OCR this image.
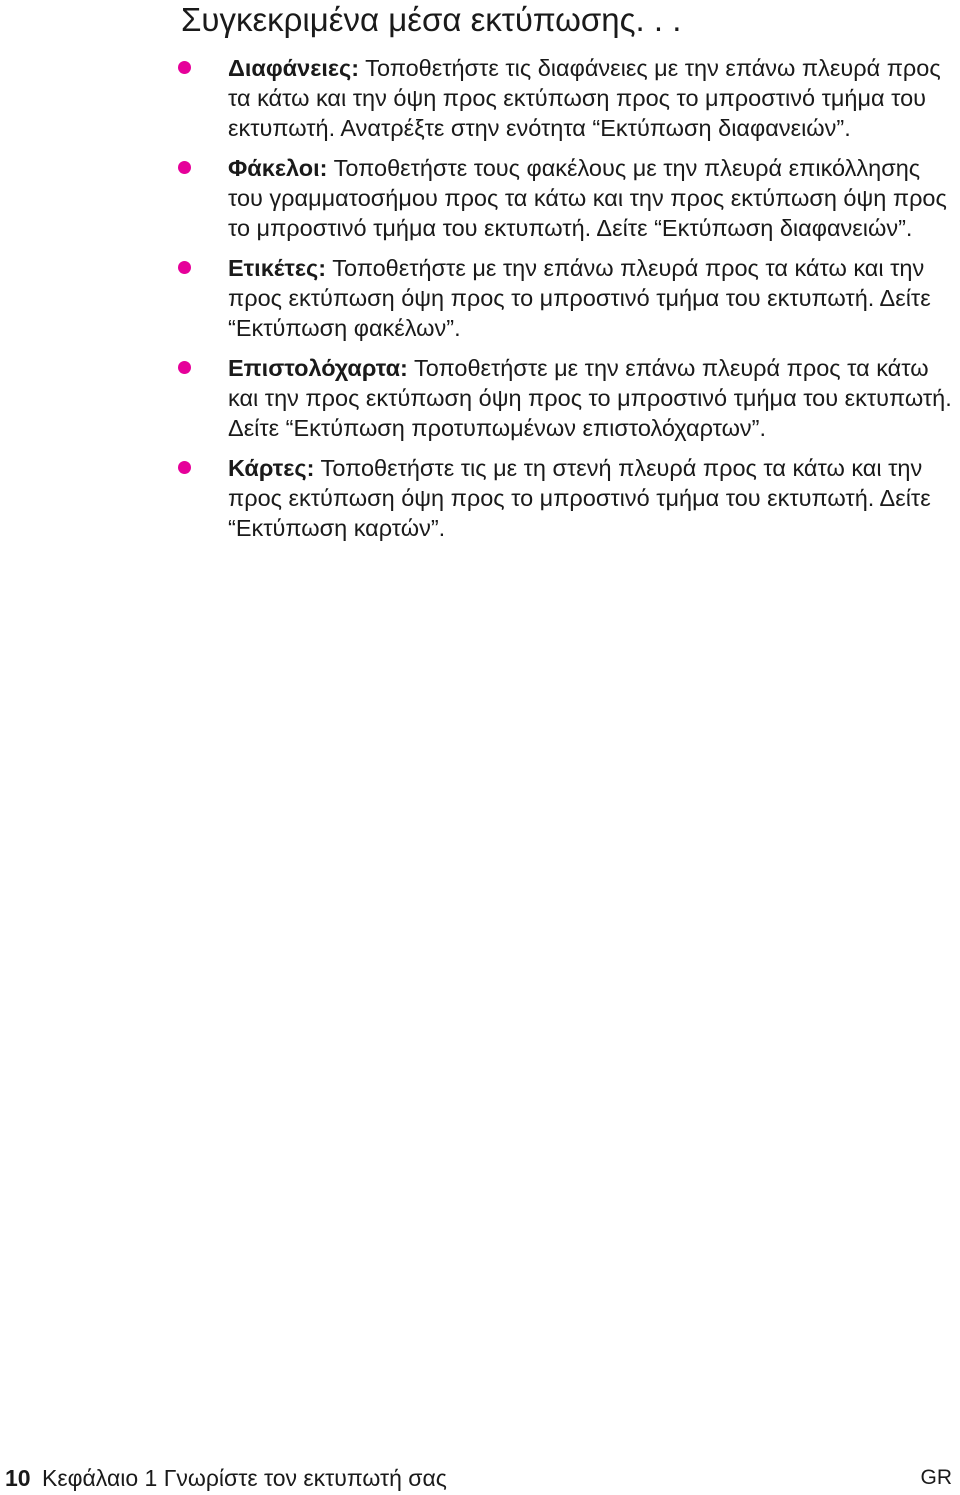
Συγκεκριμένα μέσα εκτύπωσης. . .
Διαφάνειες: Τοποθετήστε τις διαφάνειες με την επάνω πλευρά προς τα κάτω και την όψη προς εκτύπωση προς το μπροστινό τμήμα του εκτυπωτή. Ανατρέξτε στην ενότητα “Εκτύπωση διαφανειών”.
Φάκελοι: Τοποθετήστε τους φακέλους με την πλευρά επικόλλησης του γραμματοσήμου προς τα κάτω και την προς εκτύπωση όψη προς το μπροστινό τμήμα του εκτυπωτή. Δείτε “Εκτύπωση διαφανειών”.
Ετικέτες: Τοποθετήστε με την επάνω πλευρά προς τα κάτω και την προς εκτύπωση όψη προς το μπροστινό τμήμα του εκτυπωτή. Δείτε “Εκτύπωση φακέλων”.
Επιστολόχαρτα: Τοποθετήστε με την επάνω πλευρά προς τα κάτω και την προς εκτύπωση όψη προς το μπροστινό τμήμα του εκτυπωτή. Δείτε “Εκτύπωση προτυπωμένων επιστολόχαρτων”.
Κάρτες: Τοποθετήστε τις με τη στενή πλευρά προς τα κάτω και την προς εκτύπωση όψη προς το μπροστινό τμήμα του εκτυπωτή. Δείτε “Εκτύπωση καρτών”.
10 Κεφάλαιο 1 Γνωρίστε τον εκτυπωτή σας	GR
